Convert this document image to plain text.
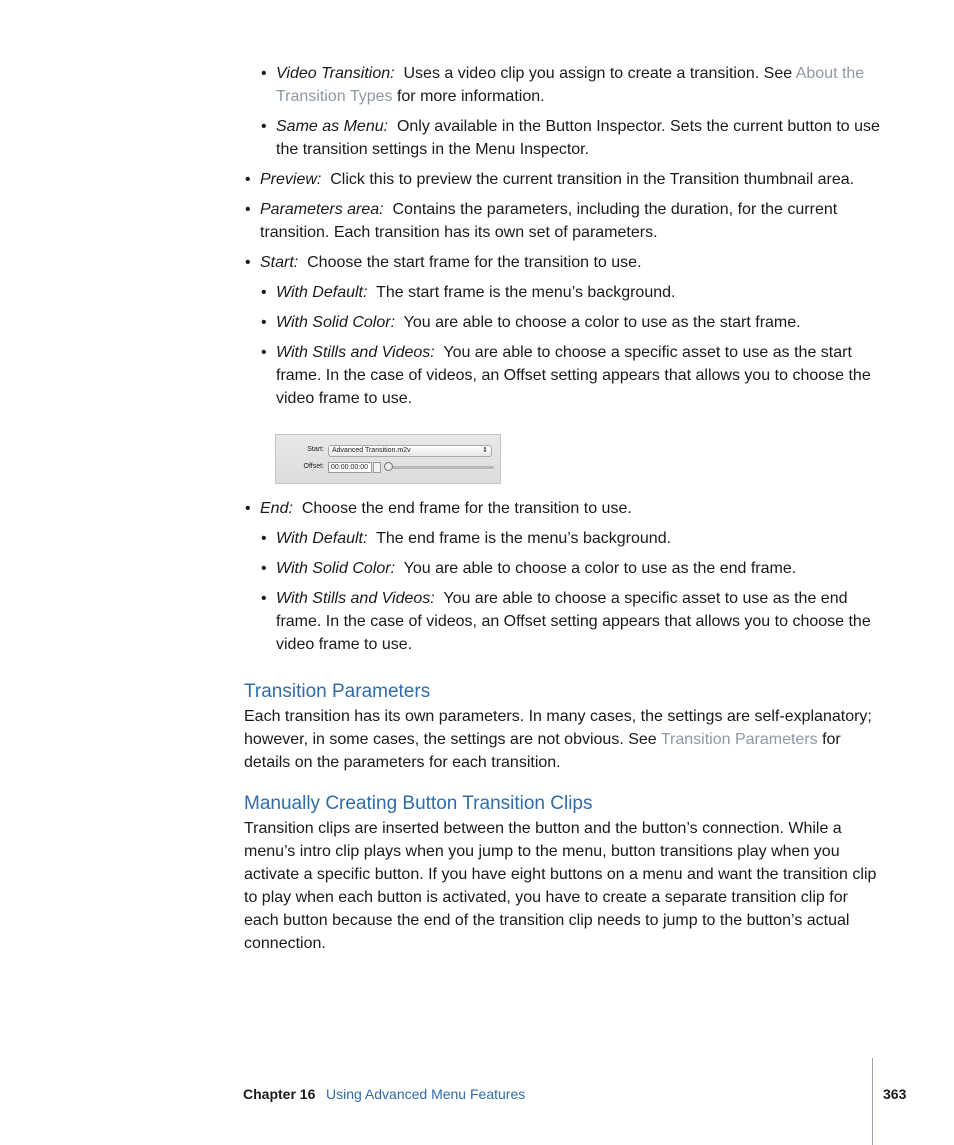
• Video Transition: Uses a video clip you assign to create a transition. See About the Transition Types for more information.
• Same as Menu: Only available in the Button Inspector. Sets the current button to use the transition settings in the Menu Inspector.
• Preview: Click this to preview the current transition in the Transition thumbnail area.
• Parameters area: Contains the parameters, including the duration, for the current transition. Each transition has its own set of parameters.
• Start: Choose the start frame for the transition to use.
• With Default: The start frame is the menu’s background.
• With Solid Color: You are able to choose a color to use as the start frame.
• With Stills and Videos: You are able to choose a specific asset to use as the start frame. In the case of videos, an Offset setting appears that allows you to choose the video frame to use.
Start:	Advanced Transition.m2v	⇕
Offset:	00:00:00:00
• End: Choose the end frame for the transition to use.
• With Default: The end frame is the menu’s background.
• With Solid Color: You are able to choose a color to use as the end frame.
• With Stills and Videos: You are able to choose a specific asset to use as the end frame. In the case of videos, an Offset setting appears that allows you to choose the video frame to use.
Transition Parameters
Each transition has its own parameters. In many cases, the settings are self-explanatory; however, in some cases, the settings are not obvious. See Transition Parameters for details on the parameters for each transition.
Manually Creating Button Transition Clips
Transition clips are inserted between the button and the button’s connection. While a menu’s intro clip plays when you jump to the menu, button transitions play when you activate a specific button. If you have eight buttons on a menu and want the transition clip to play when each button is activated, you have to create a separate transition clip for each button because the end of the transition clip needs to jump to the button’s actual connection.
Chapter 16 Using Advanced Menu Features	363
